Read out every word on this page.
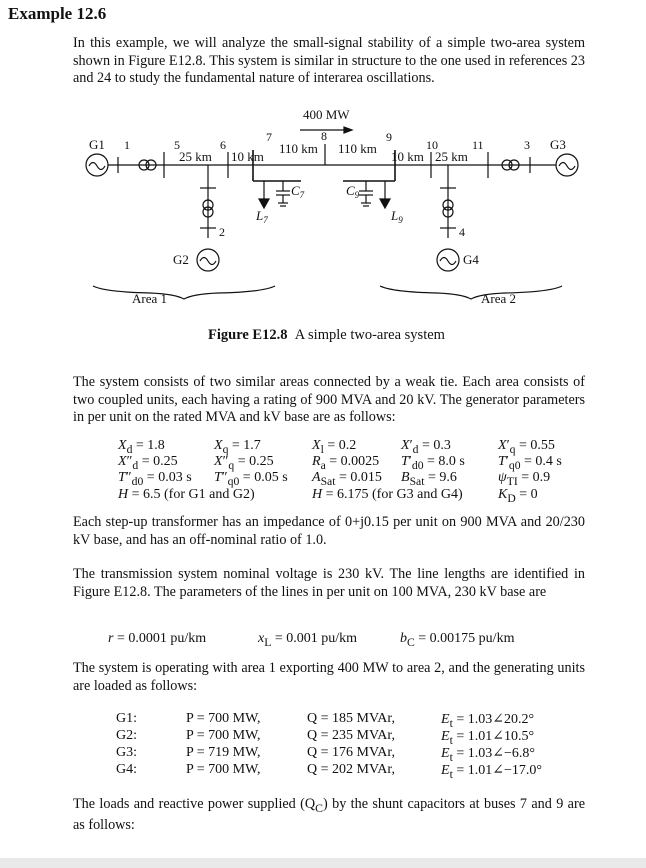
Example 12.6

In this example, we will analyze the small-signal stability of a simple two-area system shown in Figure E12.8. This system is similar in structure to the one used in references 23 and 24 to study the fundamental nature of interarea oscillations.

400 MW
G1 1	5	6
7	8	9
10	11	3 G3
25 km 10 km
110 km 110 km
10 km 25 km
$C_7$	$C_9$
$L_7$	$L_9$
2	4
G2	G4
Area 1	Area 2
Figure E12.8 A simple two-area system

The system consists of two similar areas connected by a weak tie. Each area consists of two coupled units, each having a rating of 900 MVA and 20 kV. The generator parameters in per unit on the rated MVA and kV base are as follows:

$X_d = 1.8$	$X_q = 1.7$	$X_l = 0.2$	$X'_d = 0.3$	$X'_q = 0.55$
$X''_d = 0.25$	$X''_q = 0.25$	$R_a = 0.0025$ $T'_{d0} = 8.0$ s $T'_{q0} = 0.4$ s
$T''_{d0} = 0.03$ s $T''_{q0} = 0.05$ s $A_{Sat} = 0.015$ $B_{Sat} = 9.6$	$\psi_{TI} = 0.9$
H = 6.5 (for G1 and G2)	H = 6.175 (for G3 and G4)	$K_D = 0$

Each step-up transformer has an impedance of 0+j0.15 per unit on 900 MVA and 20/230 kV base, and has an off-nominal ratio of 1.0.

The transmission system nominal voltage is 230 kV. The line lengths are identified in Figure E12.8. The parameters of the lines in per unit on 100 MVA, 230 kV base are

r = 0.0001 pu/km	$x_L = 0.001$ pu/km	$b_C = 0.00175$ pu/km

The system is operating with area 1 exporting 400 MW to area 2, and the generating units are loaded as follows:

G1:	P = 700 MW,	Q = 185 MVAr,	$E_t$ = 1.03∠20.2°
G2:	P = 700 MW,	Q = 235 MVAr,	$E_t$ = 1.01∠10.5°
G3:	P = 719 MW,	Q = 176 MVAr,	$E_t$ = 1.03∠−6.8°
G4:	P = 700 MW,	Q = 202 MVAr,	$E_t$ = 1.01∠−17.0°

The loads and reactive power supplied $(Q_C)$ by the shunt capacitors at buses 7 and 9 are as follows:
